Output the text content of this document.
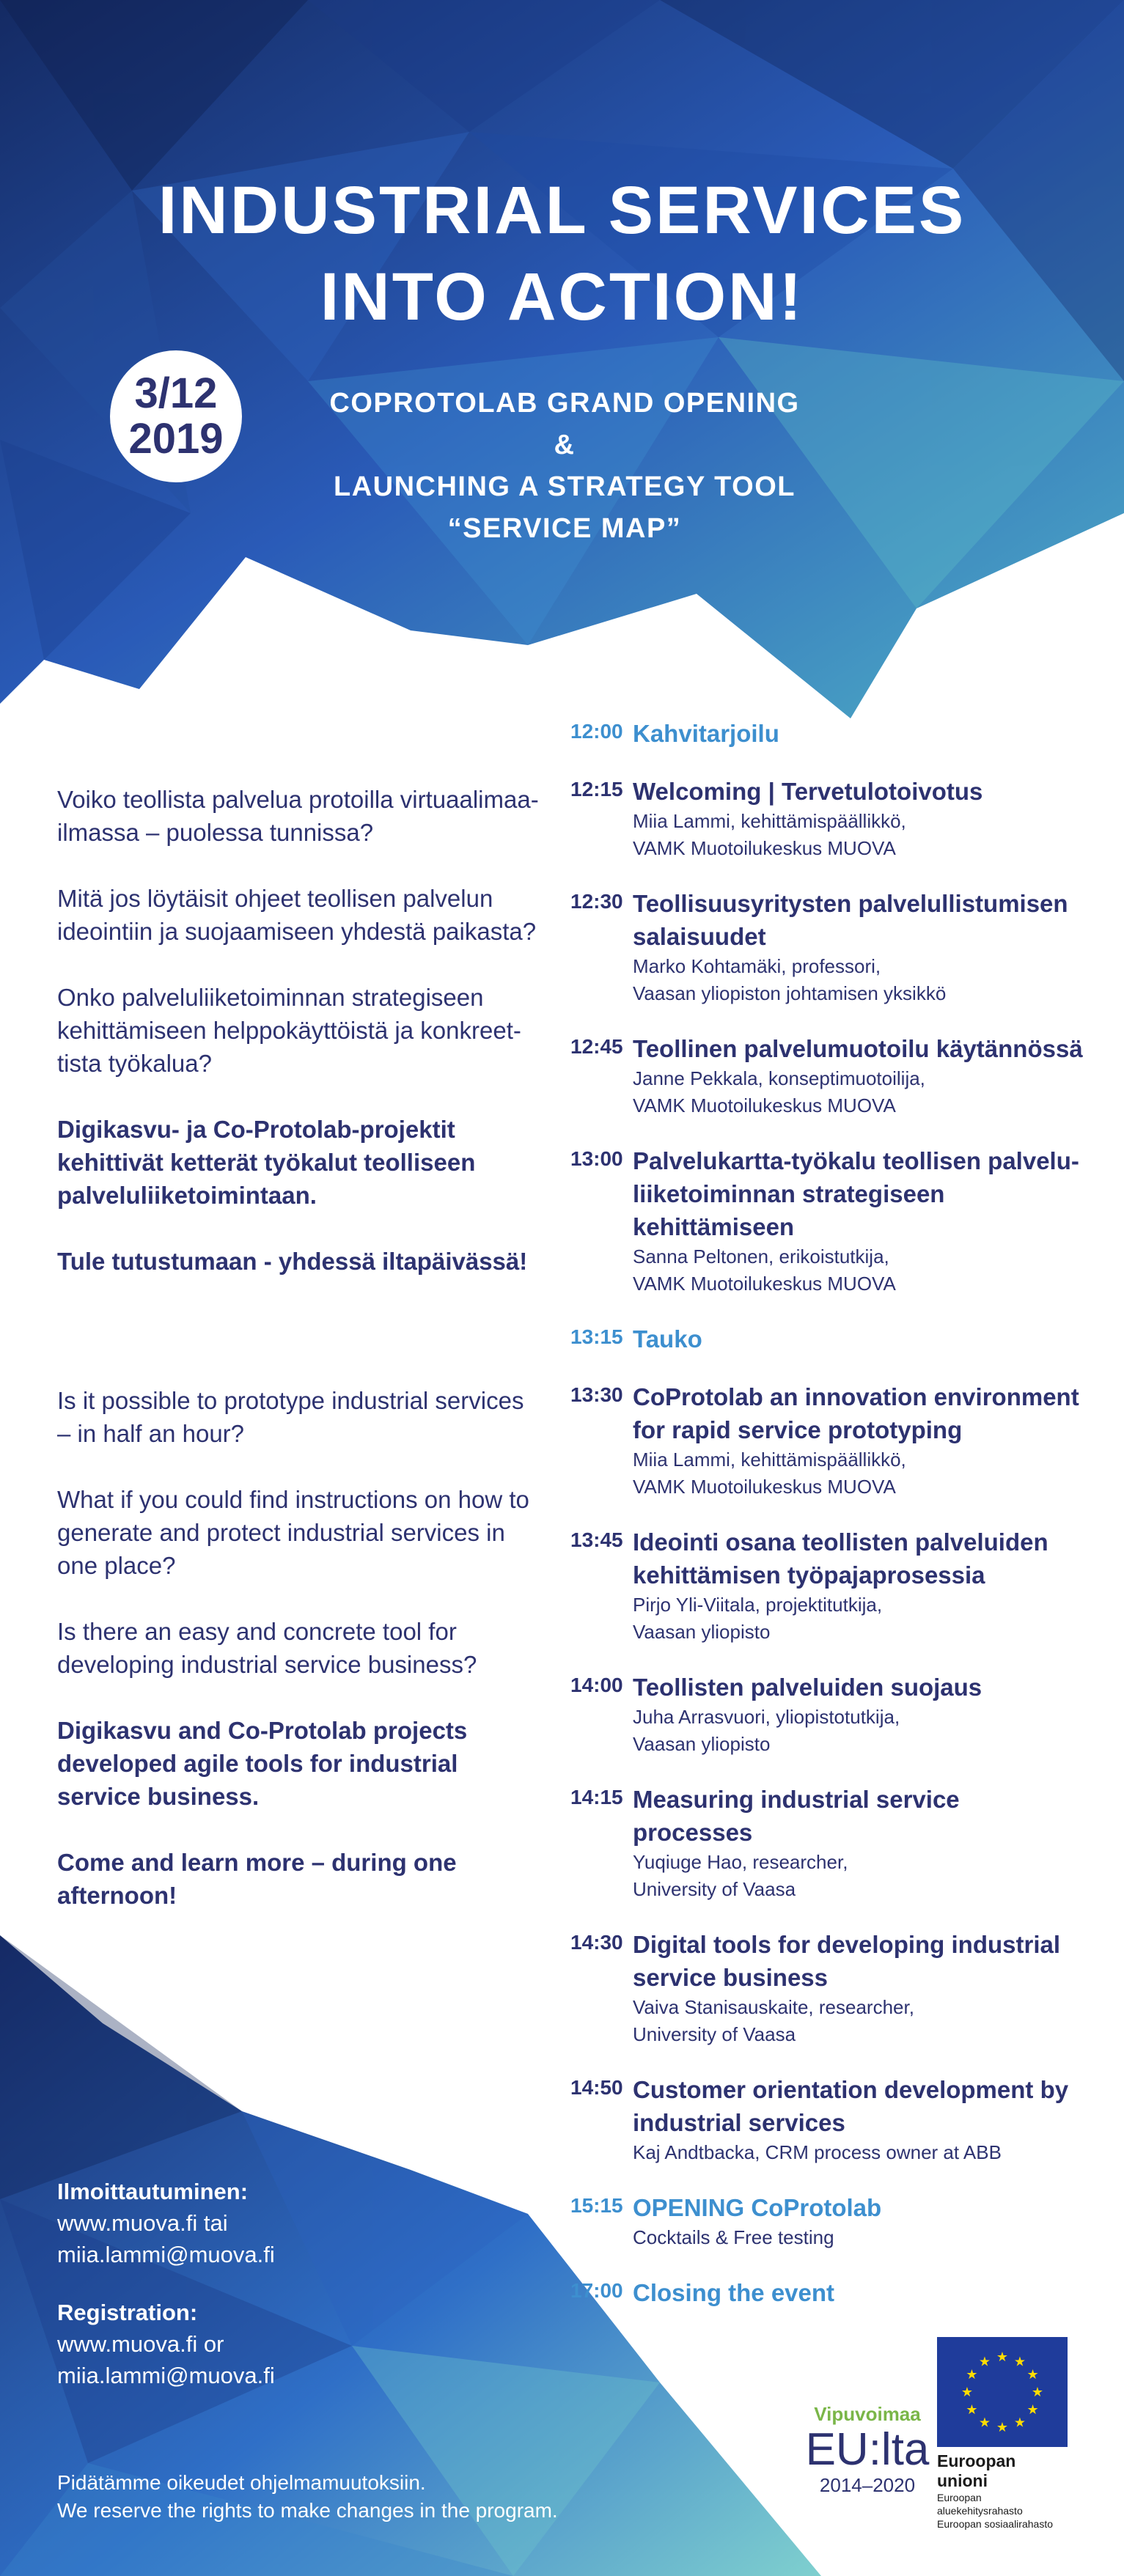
INDUSTRIAL SERVICES
INTO ACTION!
3/12
2019
COPROTOLAB GRAND OPENING &
LAUNCHING A STRATEGY TOOL
“SERVICE MAP”

Voiko teollista palvelua protoilla virtuaalimaa-ilmassa – puolessa tunnissa?

Mitä jos löytäisit ohjeet teollisen palvelun ideointiin ja suojaamiseen yhdestä paikasta?

Onko palveluliiketoiminnan strategiseen kehittämiseen helppokäyttöistä ja konkreet-tista työkalua?

Digikasvu- ja Co-Protolab-projektit kehittivät ketterät työkalut teolliseen palveluliiketoimintaan.

Tule tutustumaan - yhdessä iltapäivässä!

Is it possible to prototype industrial services – in half an hour?

What if you could find instructions on how to generate and protect industrial services in one place?

Is there an easy and concrete tool for developing industrial service business?

Digikasvu and Co-Protolab projects developed agile tools for industrial service business.

Come and learn more – during one afternoon!

12:00 Kahvitarjoilu
12:15 Welcoming | Tervetulotoivotus
Miia Lammi, kehittämispäällikkö,
VAMK Muotoilukeskus MUOVA
12:30 Teollisuusyritysten palvelullistumisen salaisuudet
Marko Kohtamäki, professori,
Vaasan yliopiston johtamisen yksikkö
12:45 Teollinen palvelumuotoilu käytännössä
Janne Pekkala, konseptimuotoilija,
VAMK Muotoilukeskus MUOVA
13:00 Palvelukartta-työkalu teollisen palvelu-liiketoiminnan strategiseen kehittämiseen
Sanna Peltonen, erikoistutkija,
VAMK Muotoilukeskus MUOVA
13:15 Tauko
13:30 CoProtolab an innovation environment for rapid service prototyping
Miia Lammi, kehittämispäällikkö,
VAMK Muotoilukeskus MUOVA
13:45 Ideointi osana teollisten palveluiden kehittämisen työpajaprosessia
Pirjo Yli-Viitala, projektitutkija,
Vaasan yliopisto
14:00 Teollisten palveluiden suojaus
Juha Arrasvuori, yliopistotutkija,
Vaasan yliopisto
14:15 Measuring industrial service processes
Yuqiuge Hao, researcher,
University of Vaasa
14:30 Digital tools for developing industrial service business
Vaiva Stanisauskaite, researcher,
University of Vaasa
14:50 Customer orientation development by industrial services
Kaj Andtbacka, CRM process owner at ABB
15:15 OPENING CoProtolab
Cocktails & Free testing
17:00 Closing the event

Ilmoittautuminen:
www.muova.fi tai
miia.lammi@muova.fi

Registration:
www.muova.fi or
miia.lammi@muova.fi

Pidätämme oikeudet ohjelmamuutoksiin.
We reserve the rights to make changes in the program.
Vipuvoimaa
EU:lta
2014–2020
★
★
★
★
★
★
★
★
★ ★ ★
★
Euroopan unioni
Euroopan aluekehitysrahasto
Euroopan sosiaalirahasto
